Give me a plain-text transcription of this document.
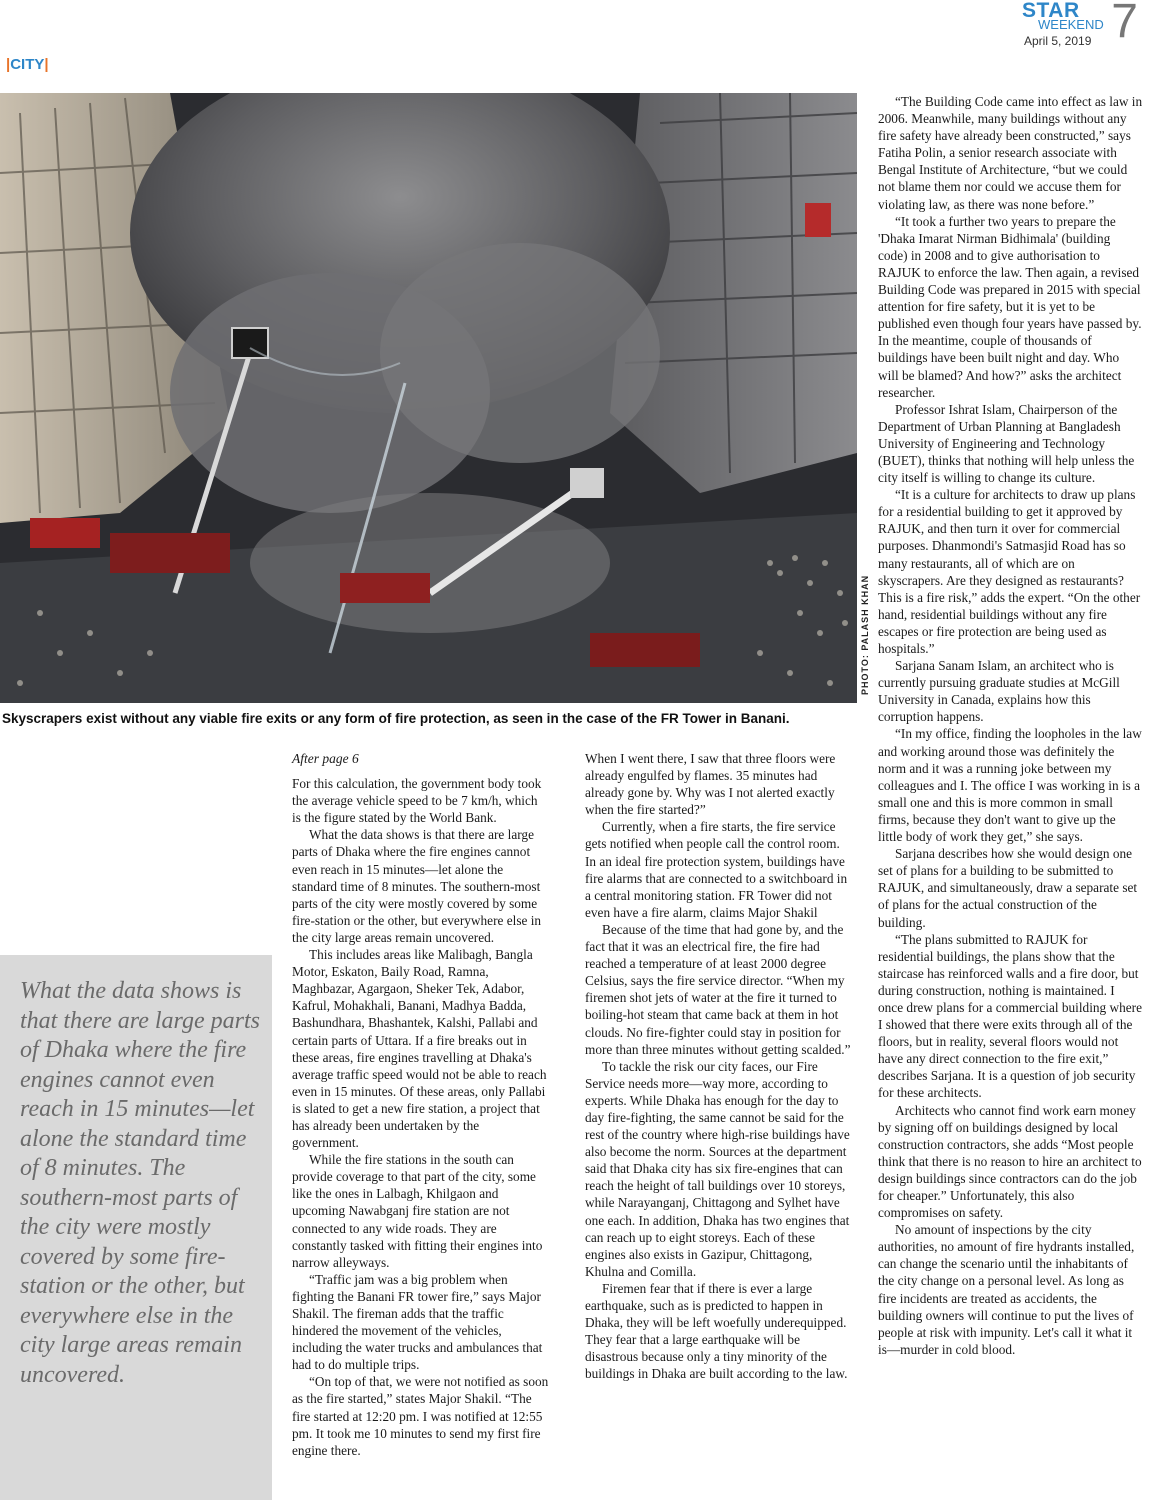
STAR
WEEKEND
April 5, 2019 7
|CITY|
PHOTO: PALASH KHAN
Skyscrapers exist without any viable fire exits or any form of fire protection, as seen in the case of the FR Tower in Banani.
What the data shows is that there are large parts of Dhaka where the fire engines cannot even reach in 15 minutes—let alone the standard time of 8 minutes. The southern-most parts of the city were mostly covered by some fire-station or the other, but everywhere else in the city large areas remain uncovered.

After page 6

For this calculation, the government body took the average vehicle speed to be 7 km/h, which is the figure stated by the World Bank.

What the data shows is that there are large parts of Dhaka where the fire engines cannot even reach in 15 minutes—let alone the standard time of 8 minutes. The southern-most parts of the city were mostly covered by some fire-station or the other, but everywhere else in the city large areas remain uncovered.

This includes areas like Malibagh, Bangla Motor, Eskaton, Baily Road, Ramna, Maghbazar, Agargaon, Sheker Tek, Adabor, Kafrul, Mohakhali, Banani, Madhya Badda, Bashundhara, Bhashantek, Kalshi, Pallabi and certain parts of Uttara. If a fire breaks out in these areas, fire engines travelling at Dhaka's average traffic speed would not be able to reach even in 15 minutes. Of these areas, only Pallabi is slated to get a new fire station, a project that has already been undertaken by the government.

While the fire stations in the south can provide coverage to that part of the city, some like the ones in Lalbagh, Khilgaon and upcoming Nawabganj fire station are not connected to any wide roads. They are constantly tasked with fitting their engines into narrow alleyways.

“Traffic jam was a big problem when fighting the Banani FR tower fire,” says Major Shakil. The fireman adds that the traffic hindered the movement of the vehicles, including the water trucks and ambulances that had to do multiple trips.

“On top of that, we were not notified as soon as the fire started,” states Major Shakil. “The fire started at 12:20 pm. I was notified at 12:55 pm. It took me 10 minutes to send my first fire engine there.

When I went there, I saw that three floors were already engulfed by flames. 35 minutes had already gone by. Why was I not alerted exactly when the fire started?”

Currently, when a fire starts, the fire service gets notified when people call the control room. In an ideal fire protection system, buildings have fire alarms that are connected to a switchboard in a central monitoring station. FR Tower did not even have a fire alarm, claims Major Shakil

Because of the time that had gone by, and the fact that it was an electrical fire, the fire had reached a temperature of at least 2000 degree Celsius, says the fire service director. “When my firemen shot jets of water at the fire it turned to boiling-hot steam that came back at them in hot clouds. No fire-fighter could stay in position for more than three minutes without getting scalded.”

To tackle the risk our city faces, our Fire Service needs more—way more, according to experts. While Dhaka has enough for the day to day fire-fighting, the same cannot be said for the rest of the country where high-rise buildings have also become the norm. Sources at the department said that Dhaka city has six fire-engines that can reach the height of tall buildings over 10 storeys, while Narayanganj, Chittagong and Sylhet have one each. In addition, Dhaka has two engines that can reach up to eight storeys. Each of these engines also exists in Gazipur, Chittagong, Khulna and Comilla.

Firemen fear that if there is ever a large earthquake, such as is predicted to happen in Dhaka, they will be left woefully underequipped. They fear that a large earthquake will be disastrous because only a tiny minority of the buildings in Dhaka are built according to the law.

“The Building Code came into effect as law in 2006. Meanwhile, many buildings without any fire safety have already been constructed,” says Fatiha Polin, a senior research associate with Bengal Institute of Architecture, “but we could not blame them nor could we accuse them for violating law, as there was none before.”

“It took a further two years to prepare the 'Dhaka Imarat Nirman Bidhimala' (building code) in 2008 and to give authorisation to RAJUK to enforce the law. Then again, a revised Building Code was prepared in 2015 with special attention for fire safety, but it is yet to be published even though four years have passed by. In the meantime, couple of thousands of buildings have been built night and day. Who will be blamed? And how?” asks the architect researcher.

Professor Ishrat Islam, Chairperson of the Department of Urban Planning at Bangladesh University of Engineering and Technology (BUET), thinks that nothing will help unless the city itself is willing to change its culture.

“It is a culture for architects to draw up plans for a residential building to get it approved by RAJUK, and then turn it over for commercial purposes. Dhanmondi's Satmasjid Road has so many restaurants, all of which are on skyscrapers. Are they designed as restaurants? This is a fire risk,” adds the expert. “On the other hand, residential buildings without any fire escapes or fire protection are being used as hospitals.”

Sarjana Sanam Islam, an architect who is currently pursuing graduate studies at McGill University in Canada, explains how this corruption happens.

“In my office, finding the loopholes in the law and working around those was definitely the norm and it was a running joke between my colleagues and I. The office I was working in is a small one and this is more common in small firms, because they don't want to give up the little body of work they get,” she says.

Sarjana describes how she would design one set of plans for a building to be submitted to RAJUK, and simultaneously, draw a separate set of plans for the actual construction of the building.

“The plans submitted to RAJUK for residential buildings, the plans show that the staircase has reinforced walls and a fire door, but during construction, nothing is maintained. I once drew plans for a commercial building where I showed that there were exits through all of the floors, but in reality, several floors would not have any direct connection to the fire exit,” describes Sarjana. It is a question of job security for these architects.

Architects who cannot find work earn money by signing off on buildings designed by local construction contractors, she adds “Most people think that there is no reason to hire an architect to design buildings since contractors can do the job for cheaper.” Unfortunately, this also compromises on safety.

No amount of inspections by the city authorities, no amount of fire hydrants installed, can change the scenario until the inhabitants of the city change on a personal level. As long as fire incidents are treated as accidents, the building owners will continue to put the lives of people at risk with impunity. Let's call it what it is—murder in cold blood.
